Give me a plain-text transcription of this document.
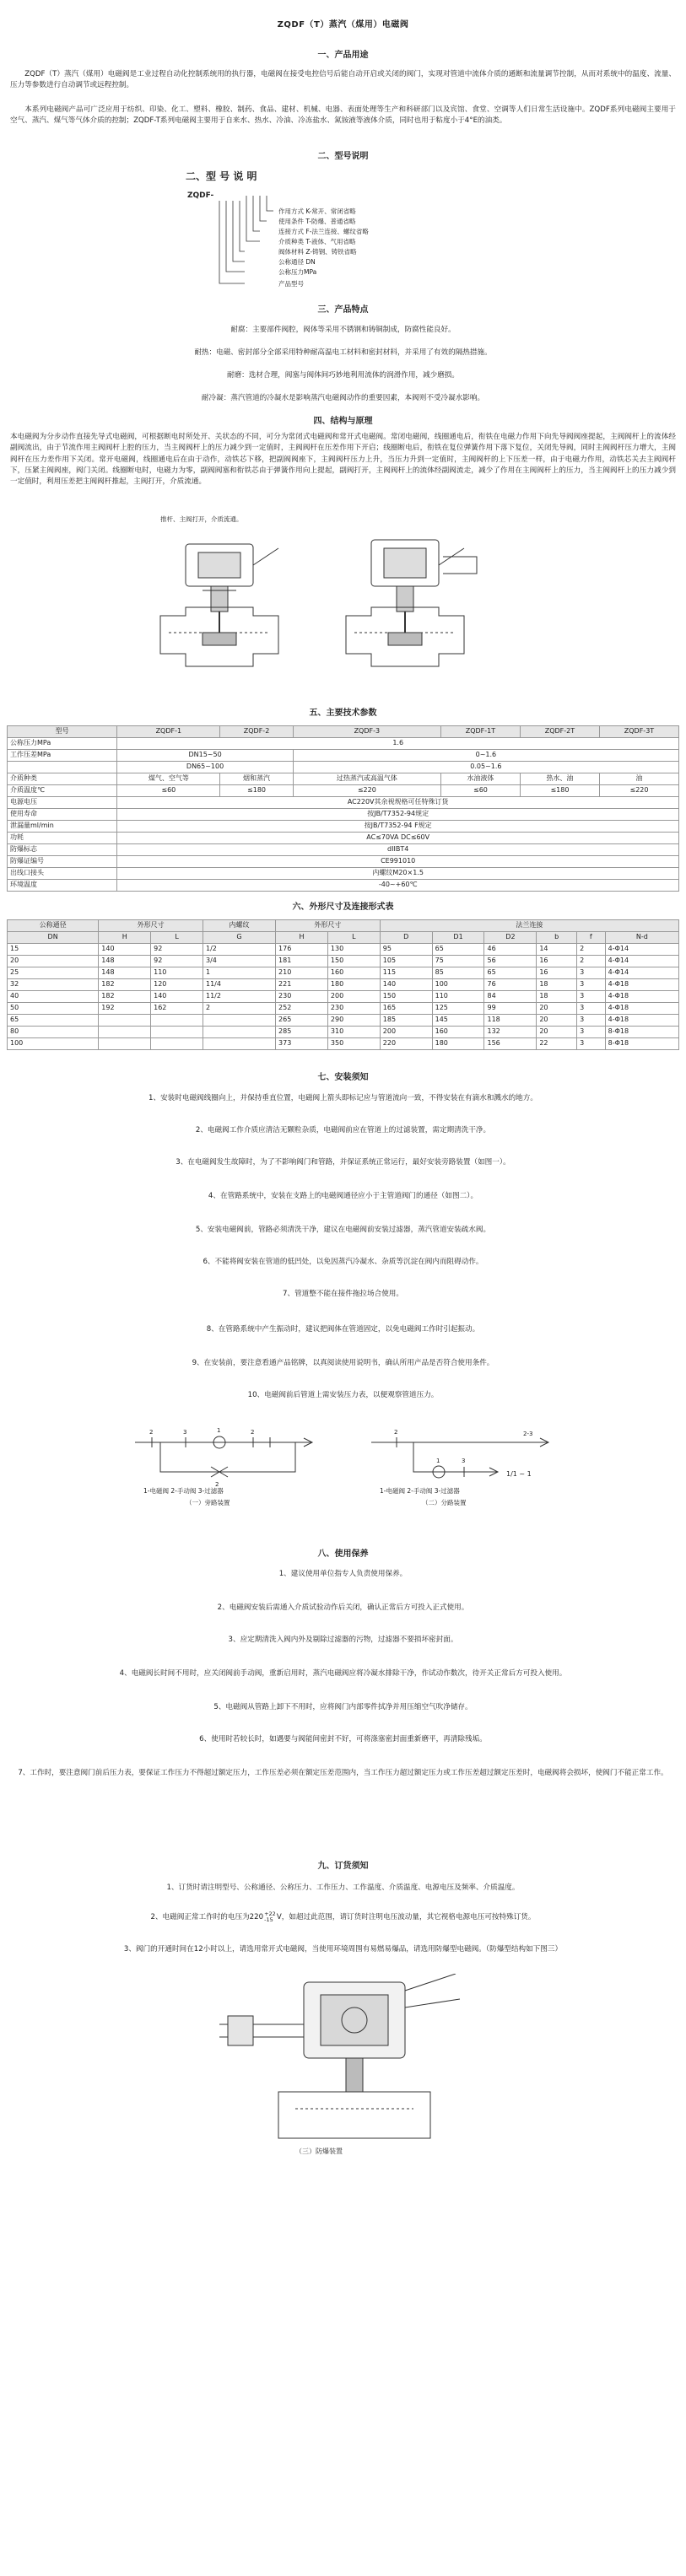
ZQDF（T）蒸汽（煤用）电磁阀

一、产品用途

ZQDF（T）蒸汽（煤用）电磁阀是工业过程自动化控制系统用的执行器，电磁阀在接受电控信号后能自动开启或关闭的阀门，实现对管道中流体介质的通断和流量调节控制，从而对系统中的温度、流量、压力等参数进行自动调节或远程控制。

本系列电磁阀产品可广泛应用于纺织、印染、化工、塑料、橡胶、制药、食品、建材、机械、电器、表面处理等生产和科研部门以及宾馆、食堂、空调等人们日常生活设施中。ZQDF系列电磁阀主要用于空气、蒸汽、煤气等气体介质的控制；ZQDF-T系列电磁阀主要用于自来水、热水、冷油、冷冻盐水、氮铵液等液体介质，同时也用于粘度小于4°E的油类。

二、型号说明

二、型 号 说 明
ZQDF-
作用方式 K-常开、常闭省略
使用条件 T-防爆、普通省略
连接方式 F-法兰连接、螺纹省略
介质种类 T-液体、气用省略
阀体材料 Z-铸钢、铸铁省略
公称通径 DN
公称压力MPa
产品型号

三、产品特点

耐腐：主要部件阀腔，阀体等采用不锈钢和铸铜制成，防腐性能良好。

耐热：电磁、密封部分全部采用特种耐高温电工材料和密封材料，并采用了有效的隔热措施。

耐磨：选材合理，阀塞与阀体间巧妙地利用流体的润滑作用，减少磨损。

耐冷凝：蒸汽管道的冷凝水是影响蒸汽电磁阀动作的重要因素，本阀则不受冷凝水影响。

四、结构与原理

本电磁阀为分步动作直接先导式电磁阀，可根据断电时所处开、关状态的不同，可分为常闭式电磁阀和常开式电磁阀。常闭电磁阀，线圈通电后，衔铁在电磁力作用下向先导阀阀座提起，主阀阀杆上的流体经副阀流出，由于节流作用主阀阀杆上腔的压力，当主阀阀杆上的压力减少到一定值时，主阀阀杆在压差作用下开启；线圈断电后，衔铁在复位弹簧作用下落下复位，关闭先导阀，同时主阀阀杆压力增大，主阀阀杆在压力差作用下关闭。常开电磁阀，线圈通电后在由于动作，动铁芯下移，把副阀阀座下，主阀阀杆压力上升，当压力升到一定值时，主阀阀杆的上下压差一样，由于电磁力作用，动铁芯关去主阀阀杆下，压紧主阀阀座，阀门关闭。线圈断电时，电磁力为零，副阀阀塞和衔铁芯由于弹簧作用向上提起，副阀打开，主阀阀杆上的流体经副阀流走，减少了作用在主阀阀杆上的压力，当主阀阀杆上的压力减少到一定值时，利用压差把主阀阀杆推起，主阀打开，介质流通。

推杆、主阀打开，介质流通。

五、主要技术参数

型号	ZQDF-1	ZQDF-2	ZQDF-3	ZQDF-1T	ZQDF-2T	ZQDF-3T
公称压力MPa	1.6					
工作压差MPa	DN15~50		0~1.6			
	DN65~100		0.05~1.6			
介质种类	煤气、空气等	烟和蒸汽	过热蒸汽或高温气体	水油液体	热水、油	油
介质温度℃	≤60	≤180	≤220	≤60	≤180	≤220
电源电压	AC220V其余视规格可任特殊订货					
使用寿命	按JB/T7352-94规定					
泄漏量ml/min	按JB/T7352-94 F规定					
功耗	AC≤70VA DC≤60V					
防爆标志	dIIBT4					
防爆证编号	CE991010					
出线口接头	内螺纹M20×1.5					
环境温度	-40~+60℃					

六、外形尺寸及连接形式表

公称通径	外形尺寸		内螺纹	外形尺寸		法兰连接					
DN	H	L	G	H	L	D	D1	D2	b	f	N-d
15	140	92	1/2	176	130	95	65	46	14	2	4-Φ14
20	148	92	3/4	181	150	105	75	56	16	2	4-Φ14
25	148	110	1	210	160	115	85	65	16	3	4-Φ14
32	182	120	11/4	221	180	140	100	76	18	3	4-Φ18
40	182	140	11/2	230	200	150	110	84	18	3	4-Φ18
50	192	162	2	252	230	165	125	99	20	3	4-Φ18
65				265	290	185	145	118	20	3	4-Φ18
80				285	310	200	160	132	20	3	8-Φ18
100				373	350	220	180	156	22	3	8-Φ18

七、安装须知

1、安装时电磁阀线圈向上，并保持垂直位置，电磁阀上箭头即标记应与管道流向一致，不得安装在有滴水和溅水的地方。

2、电磁阀工作介质应清洁无颗粒杂质，电磁阀前应在管道上的过滤装置，需定期清洗干净。

3、在电磁阀发生故障时，为了不影响阀门和管路，并保证系统正常运行，最好安装旁路装置（如图一）。

4、在管路系统中，安装在支路上的电磁阀通径应小于主管道阀门的通径（如图二）。

5、安装电磁阀前，管路必须清洗干净，建议在电磁阀前安装过滤器，蒸汽管道安装疏水阀。

6、不能将阀安装在管道的低凹处，以免因蒸汽冷凝水、杂质等沉淀在阀内而阻碍动作。

7、管道整不能在接件拖拉场合使用。

8、在管路系统中产生振动时，建议把阀体在管道固定，以免电磁阀工作时引起振动。

9、在安装前，要注意看通产品铭牌，以真阅读使用说明书，确认所用产品是否符合使用条件。

10、电磁阀前后管道上需安装压力表，以便观察管道压力。

2	3	1	2
2
1-电磁阀 2-手动阀 3-过滤器
（一）旁路装置
2
1	3
2-3
1/1 ~ 1
1-电磁阀 2-手动阀 3-过滤器
（二）分路装置

八、使用保养

1、建议使用单位指专人负责使用保养。

2、电磁阀安装后需通入介质试验动作后关闭，确认正常后方可投入正式使用。

3、应定期清洗入阀内外及剔除过滤器的污物，过滤器不要损坏密封面。

4、电磁阀长时间不用时，应关闭阀前手动阀，重新启用时，蒸汽电磁阀应将冷凝水排除干净，作试动作数次，待开关正常后方可投入使用。

5、电磁阀从管路上卸下不用时，应将阀门内部零件拭净并用压缩空气吹净储存。

6、使用时若较长时，如遇要与阀能间密封不好，可将涤塞密封面重新磨平，再清除残垢。

7、工作时，要注意阀门前后压力表，要保证工作压力不得超过额定压力，工作压差必须在额定压差范围内，当工作压力超过额定压力或工作压差超过额定压差时，电磁阀将会损坏，使阀门不能正常工作。

九、订货须知

1、订货时请注明型号、公称通径、公称压力、工作压力、工作温度、介质温度、电源电压及频率、介质温度。

2、电磁阀正常工作时的电压为220+22
-15 V，如超过此范围，请订货时注明电压波动量，其它视格电源电压可按特殊订货。

3、阀门的开通时间在12小时以上，请选用常开式电磁阀，当使用环境周围有易燃易爆品，请选用防爆型电磁阀。（防爆型结构如下图三）

（三）防爆装置
